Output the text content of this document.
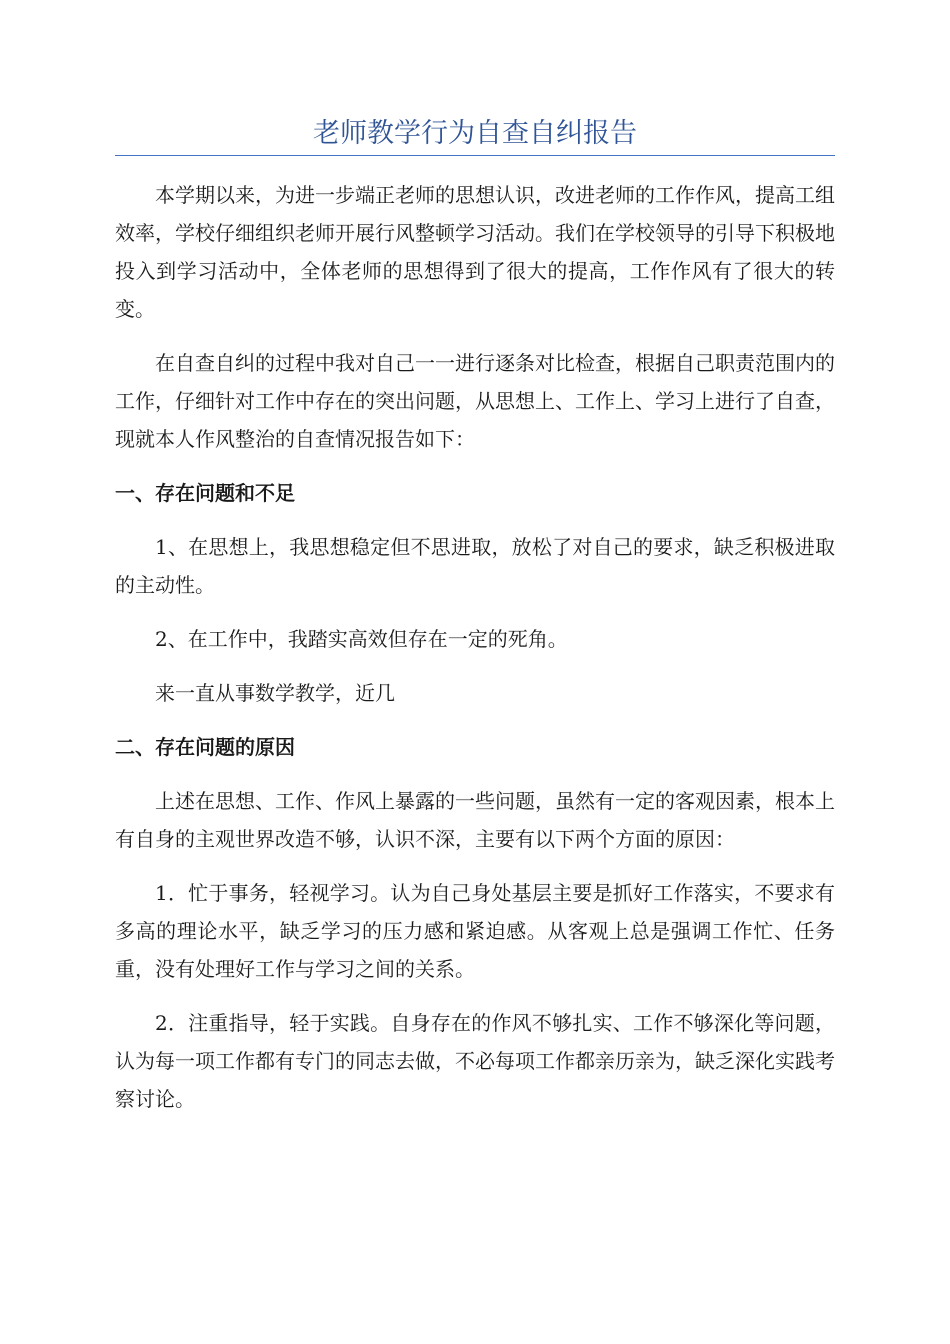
老师教学行为自查自纠报告

本学期以来，为进一步端正老师的思想认识，改进老师的工作作风，提高工组效率，学校仔细组织老师开展行风整顿学习活动。我们在学校领导的引导下积极地投入到学习活动中，全体老师的思想得到了很大的提高，工作作风有了很大的转变。

在自查自纠的过程中我对自己一一进行逐条对比检查，根据自己职责范围内的工作，仔细针对工作中存在的突出问题，从思想上、工作上、学习上进行了自查，现就本人作风整治的自查情况报告如下：

一、存在问题和不足

1、在思想上，我思想稳定但不思进取，放松了对自己的要求，缺乏积极进取的主动性。

2、在工作中，我踏实高效但存在一定的死角。

来一直从事数学教学，近几

二、存在问题的原因

上述在思想、工作、作风上暴露的一些问题，虽然有一定的客观因素，根本上有自身的主观世界改造不够，认识不深，主要有以下两个方面的原因：

1．忙于事务，轻视学习。认为自己身处基层主要是抓好工作落实，不要求有多高的理论水平，缺乏学习的压力感和紧迫感。从客观上总是强调工作忙、任务重，没有处理好工作与学习之间的关系。

2．注重指导，轻于实践。自身存在的作风不够扎实、工作不够深化等问题，认为每一项工作都有专门的同志去做，不必每项工作都亲历亲为，缺乏深化实践考察讨论。
